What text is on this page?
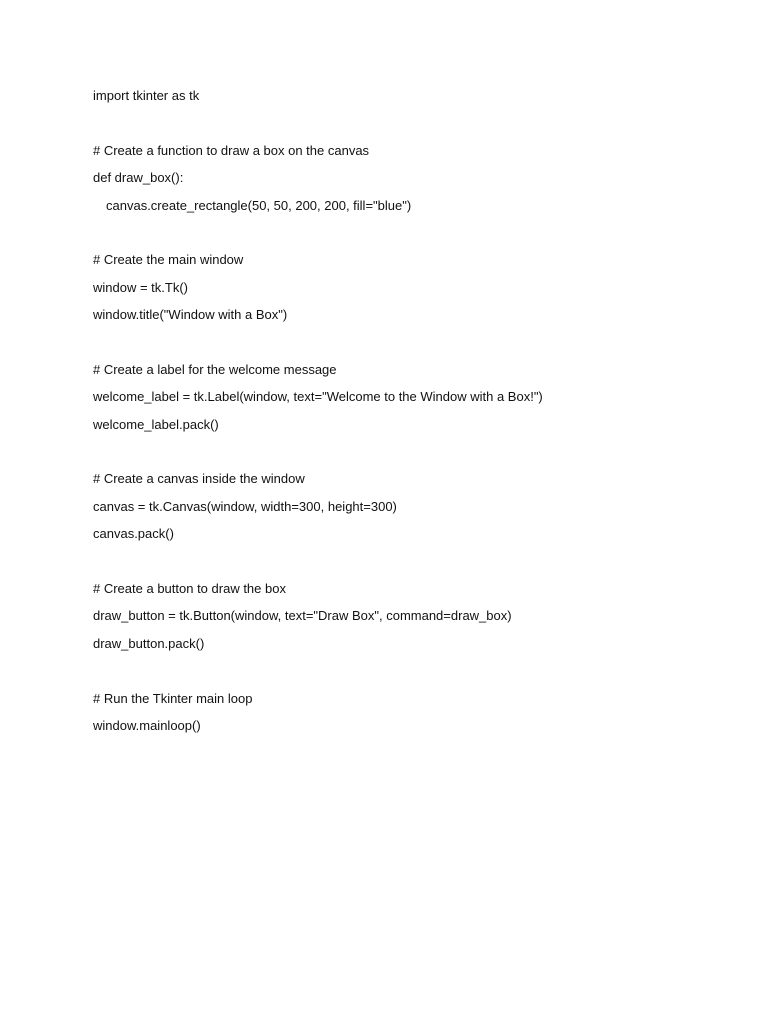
import tkinter as tk
# Create a function to draw a box on the canvas
def draw_box():
canvas.create_rectangle(50, 50, 200, 200, fill="blue")
# Create the main window
window = tk.Tk()
window.title("Window with a Box")
# Create a label for the welcome message
welcome_label = tk.Label(window, text="Welcome to the Window with a Box!")
welcome_label.pack()
# Create a canvas inside the window
canvas = tk.Canvas(window, width=300, height=300)
canvas.pack()
# Create a button to draw the box
draw_button = tk.Button(window, text="Draw Box", command=draw_box)
draw_button.pack()
# Run the Tkinter main loop
window.mainloop()
